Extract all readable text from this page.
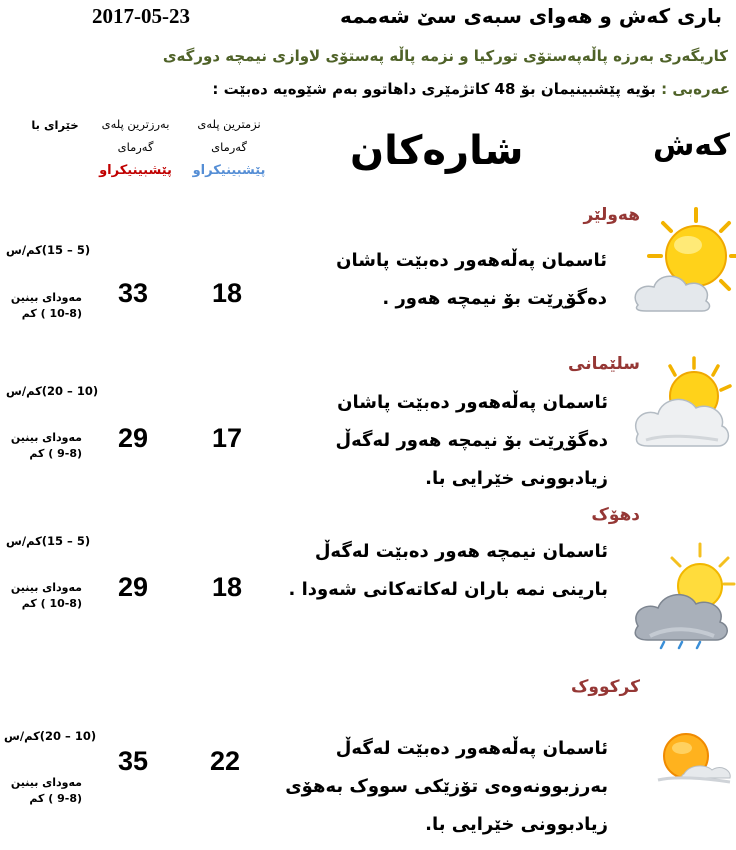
باری کەش و هەوای سبەی سێ شەممە
2017-05-23
کاریگەری بەرزە پاڵەپەستۆی تورکیا و نزمە پاڵە پەستۆی لاوازی نیمچە دورگەی
عەرەبی : بۆیە پێشبینیمان بۆ 48 کاتژمێری داهاتوو بەم شێوەیە دەبێت :
خێرای با	بەرزترین پلەی
گەرمای
پێشبینیکراو
نزمترین پلەی
گەرمای
پێشبینیکراو شارەکان	کەش
هەولێر
ئاسمان پەڵەهەور دەبێت پاشان دەگۆڕێت بۆ نیمچە هەور .
18
33
(5 – 15)کم/س
مەودای بینین
(10-8 ) کم
سلێمانی
ئاسمان پەڵەهەور دەبێت پاشان دەگۆڕێت بۆ نیمچە هەور لەگەڵ زیادبوونی خێرایی با.
17
29
(10 – 20)کم/س
مەودای بینین
(9-8 ) کم
دهۆک
ئاسمان نیمچە هەور دەبێت لەگەڵ بارینی نمە باران لەکاتەکانی شەودا .
18
29
(5 – 15)کم/س
مەودای بینین
(10-8 ) کم
کرکووک
ئاسمان پەڵەهەور دەبێت لەگەڵ بەرزبوونەوەی تۆزێکی سووک بەهۆی زیادبوونی خێرایی با.
22
35
(10 – 20)کم/س
مەودای بینین
(9-8 ) کم
